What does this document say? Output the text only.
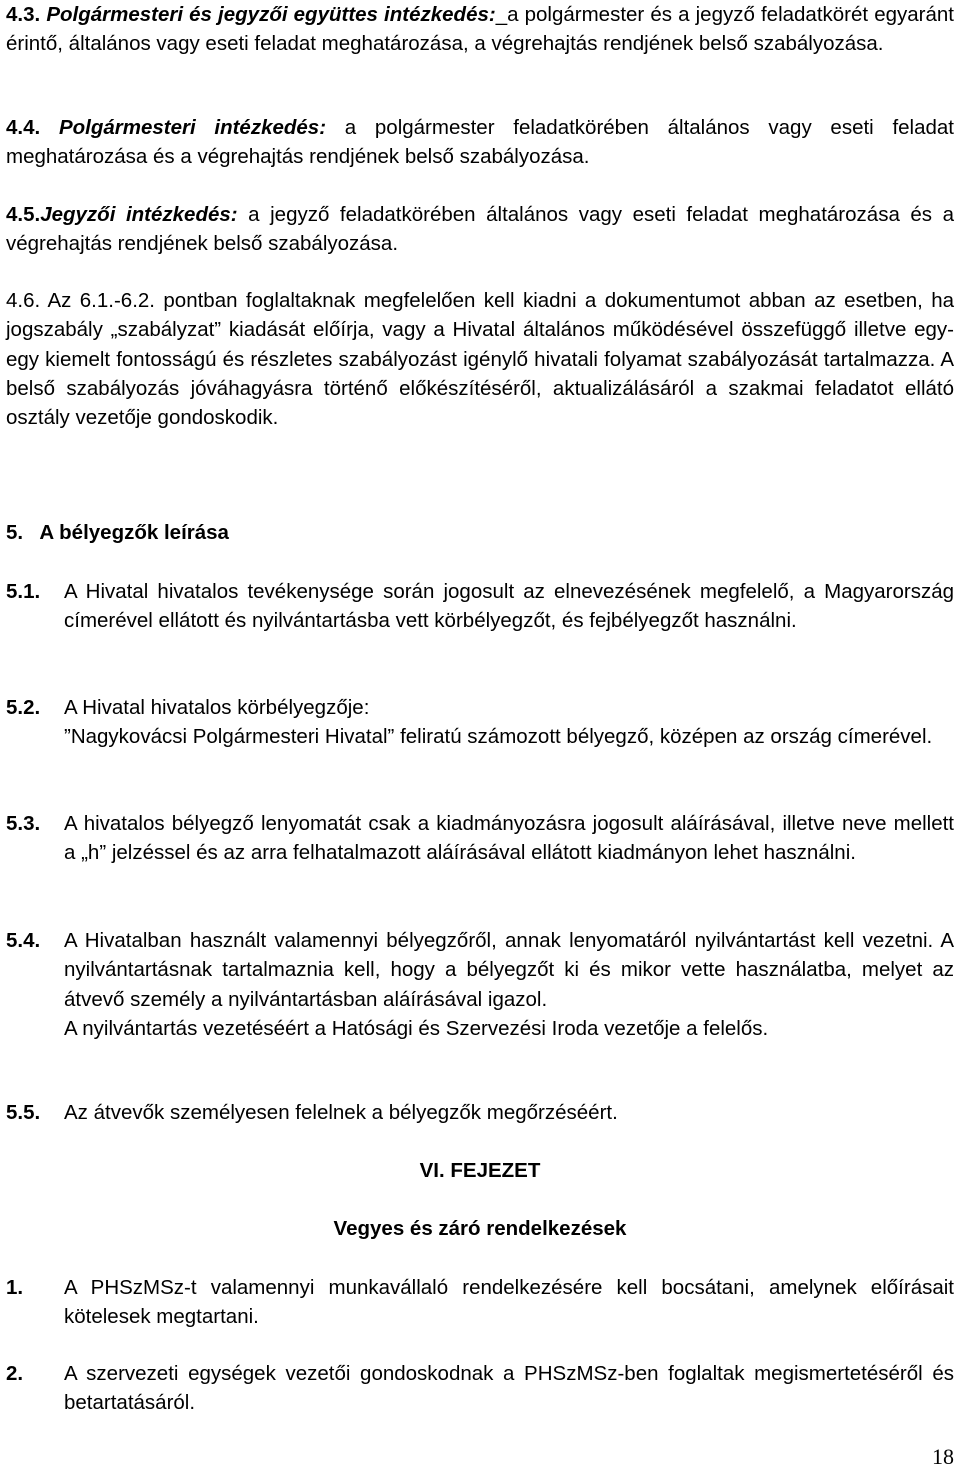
4.3. Polgármesteri és jegyzői együttes intézkedés:_a polgármester és a jegyző feladatkörét egyaránt érintő, általános vagy eseti feladat meghatározása, a végrehajtás rendjének belső szabályozása.

4.4. Polgármesteri intézkedés: a polgármester feladatkörében általános vagy eseti feladat meghatározása és a végrehajtás rendjének belső szabályozása.

4.5.Jegyzői intézkedés: a jegyző feladatkörében általános vagy eseti feladat meghatározása és a végrehajtás rendjének belső szabályozása.

4.6. Az 6.1.-6.2. pontban foglaltaknak megfelelően kell kiadni a dokumentumot abban az esetben, ha jogszabály „szabályzat” kiadását előírja, vagy a Hivatal általános működésével összefüggő illetve egy-egy kiemelt fontosságú és részletes szabályozást igénylő hivatali folyamat szabályozását tartalmazza. A belső szabályozás jóváhagyásra történő előkészítéséről, aktualizálásáról a szakmai feladatot ellátó osztály vezetője gondoskodik.

5.   A bélyegzők leírása

5.1. A Hivatal hivatalos tevékenysége során jogosult az elnevezésének megfelelő, a Magyarország címerével ellátott és nyilvántartásba vett körbélyegzőt, és fejbélyegzőt használni.
5.2. A Hivatal hivatalos körbélyegzője:
”Nagykovácsi Polgármesteri Hivatal” feliratú számozott bélyegző, középen az ország címerével.
5.3. A hivatalos bélyegző lenyomatát csak a kiadmányozásra jogosult aláírásával, illetve neve mellett a „h” jelzéssel és az arra felhatalmazott aláírásával ellátott kiadmányon lehet használni.
5.4. A Hivatalban használt valamennyi bélyegzőről, annak lenyomatáról nyilvántartást kell vezetni. A nyilvántartásnak tartalmaznia kell, hogy a bélyegzőt ki és mikor vette használatba, melyet az átvevő személy a nyilvántartásban aláírásával igazol.
A nyilvántartás vezetéséért a Hatósági és Szervezési Iroda vezetője a felelős.
5.5. Az átvevők személyesen felelnek a bélyegzők megőrzéséért.

VI. FEJEZET

Vegyes és záró rendelkezések

1. A PHSzMSz-t valamennyi munkavállaló rendelkezésére kell bocsátani, amelynek előírásait kötelesek megtartani.
2. A szervezeti egységek vezetői gondoskodnak a PHSzMSz-ben foglaltak megismertetéséről és betartatásáról.
18
